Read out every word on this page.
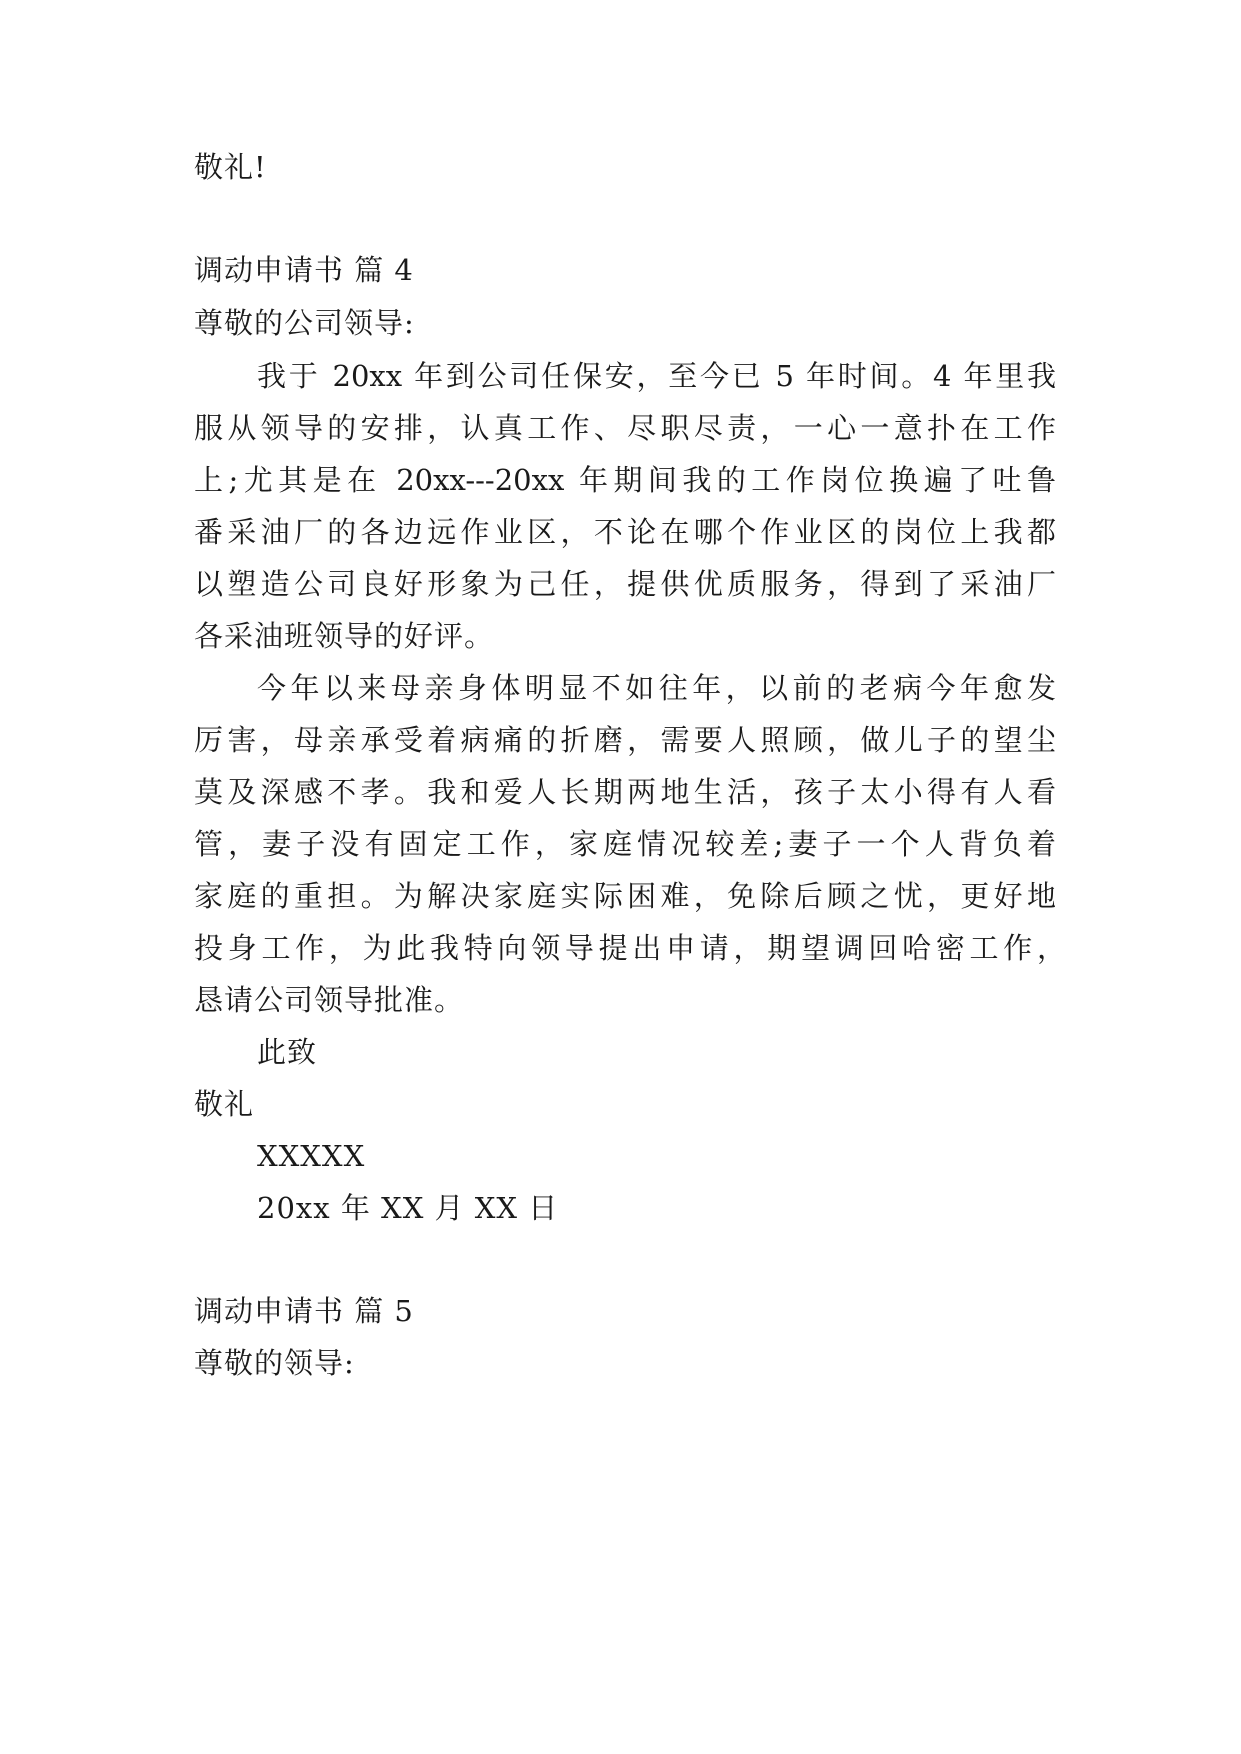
敬礼!
调动申请书 篇 4
尊敬的公司领导:
我于 20xx 年到公司任保安，至今已 5 年时间。4 年里我
服从领导的安排，认真工作、尽职尽责，一心一意扑在工作
上;尤其是在 20xx---20xx 年期间我的工作岗位换遍了吐鲁
番采油厂的各边远作业区，不论在哪个作业区的岗位上我都
以塑造公司良好形象为己任，提供优质服务，得到了采油厂
各采油班领导的好评。
今年以来母亲身体明显不如往年，以前的老病今年愈发
厉害，母亲承受着病痛的折磨，需要人照顾，做儿子的望尘
莫及深感不孝。我和爱人长期两地生活，孩子太小得有人看
管，妻子没有固定工作，家庭情况较差;妻子一个人背负着
家庭的重担。为解决家庭实际困难，免除后顾之忧，更好地
投身工作，为此我特向领导提出申请，期望调回哈密工作，
恳请公司领导批准。
此致
敬礼
XXXXX
20xx 年 XX 月 XX 日
调动申请书 篇 5
尊敬的领导:
